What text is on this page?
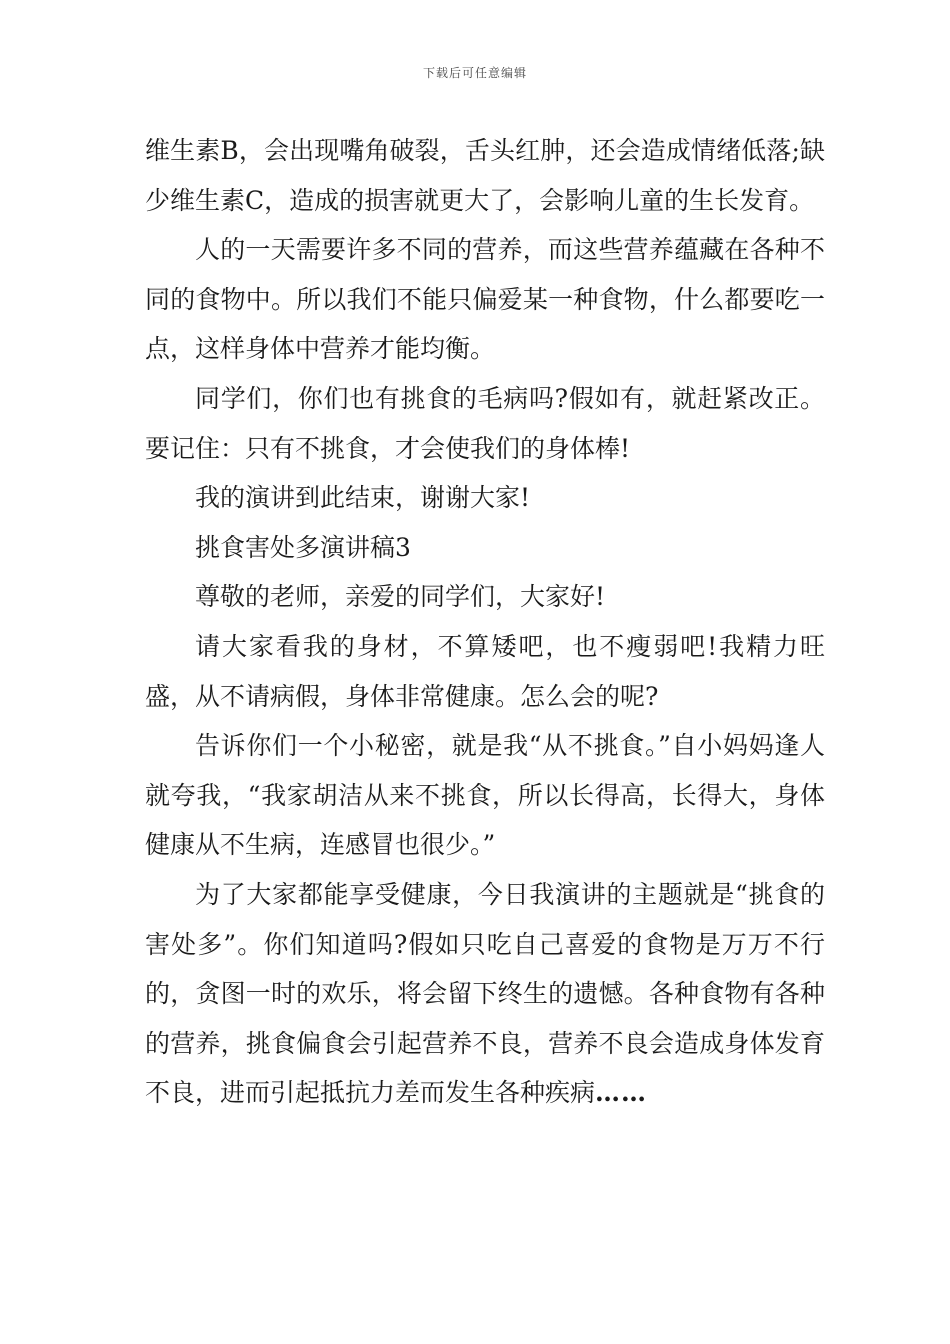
下载后可任意编辑

维生素B，会出现嘴角破裂，舌头红肿，还会造成情绪低落;缺少维生素C，造成的损害就更大了，会影响儿童的生长发育。

人的一天需要许多不同的营养，而这些营养蕴藏在各种不同的食物中。所以我们不能只偏爱某一种食物，什么都要吃一点，这样身体中营养才能均衡。

同学们，你们也有挑食的毛病吗?假如有，就赶紧改正。要记住：只有不挑食，才会使我们的身体棒!

我的演讲到此结束，谢谢大家!

挑食害处多演讲稿3

尊敬的老师，亲爱的同学们，大家好!

请大家看我的身材，不算矮吧，也不瘦弱吧!我精力旺盛，从不请病假，身体非常健康。怎么会的呢?

告诉你们一个小秘密，就是我“从不挑食。”自小妈妈逢人就夸我，“我家胡洁从来不挑食，所以长得高，长得大，身体健康从不生病，连感冒也很少。”

为了大家都能享受健康，今日我演讲的主题就是“挑食的害处多”。你们知道吗?假如只吃自己喜爱的食物是万万不行的，贪图一时的欢乐，将会留下终生的遗憾。各种食物有各种的营养，挑食偏食会引起营养不良，营养不良会造成身体发育不良，进而引起抵抗力差而发生各种疾病……
